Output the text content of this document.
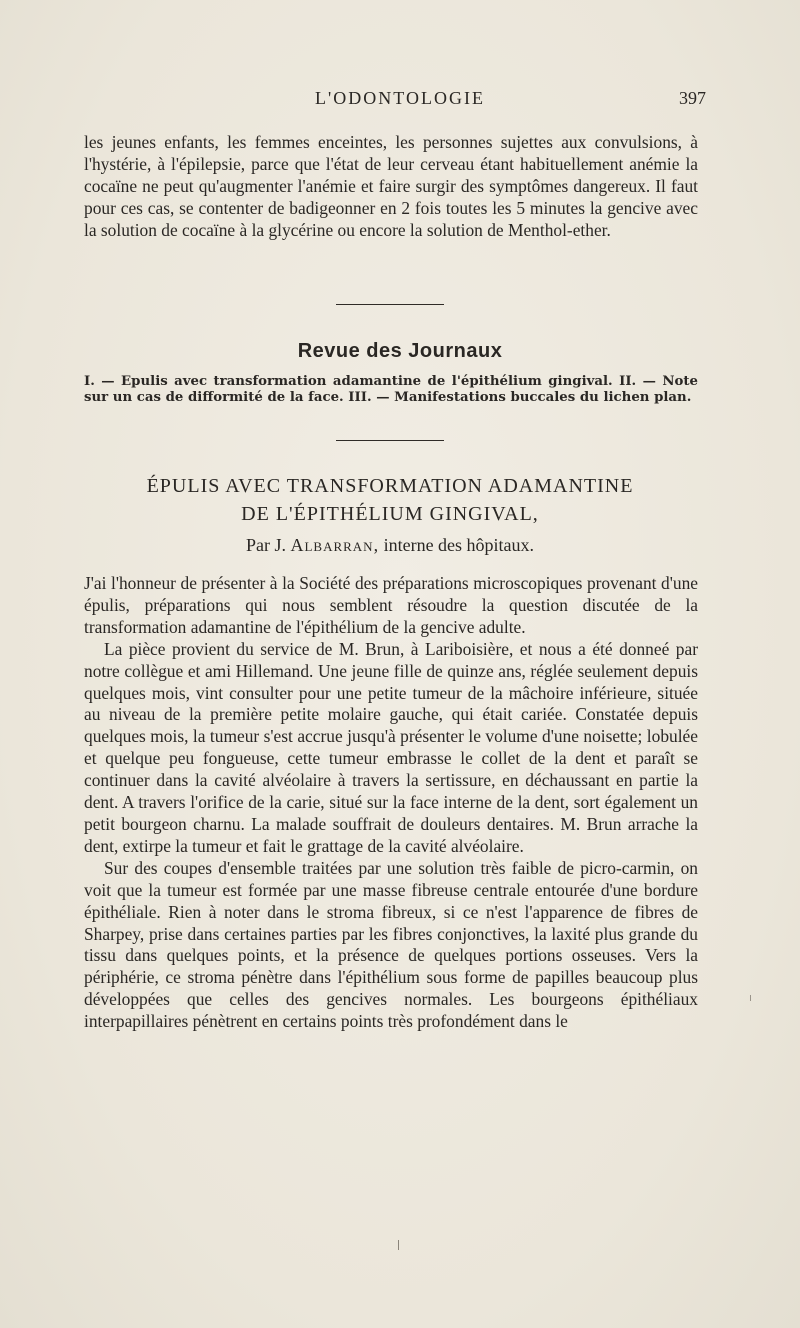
L'ODONTOLOGIE	397

les jeunes enfants, les femmes enceintes, les personnes sujettes aux convulsions, à l'hystérie, à l'épilepsie, parce que l'état de leur cerveau étant habituellement anémie la cocaïne ne peut qu'augmenter l'anémie et faire surgir des symptômes dangereux. Il faut pour ces cas, se contenter de badigeonner en 2 fois toutes les 5 minutes la gencive avec la solution de cocaïne à la glycérine ou encore la solution de Menthol-ether.

Revue des Journaux

I. — Epulis avec transformation adamantine de l'épithélium gingival. II. — Note sur un cas de difformité de la face. III. — Manifestations buccales du lichen plan.

ÉPULIS AVEC TRANSFORMATION ADAMANTINE
DE L'ÉPITHÉLIUM GINGIVAL,
Par J. Albarran, interne des hôpitaux.

J'ai l'honneur de présenter à la Société des préparations microscopiques provenant d'une épulis, préparations qui nous semblent résoudre la question discutée de la transformation adamantine de l'épithélium de la gencive adulte.

La pièce provient du service de M. Brun, à Lariboisière, et nous a été donneé par notre collègue et ami Hillemand. Une jeune fille de quinze ans, réglée seulement depuis quelques mois, vint consulter pour une petite tumeur de la mâchoire inférieure, située au niveau de la première petite molaire gauche, qui était cariée. Constatée depuis quelques mois, la tumeur s'est accrue jusqu'à présenter le volume d'une noisette; lobulée et quelque peu fongueuse, cette tumeur embrasse le collet de la dent et paraît se continuer dans la cavité alvéolaire à travers la sertissure, en déchaussant en partie la dent. A travers l'orifice de la carie, situé sur la face interne de la dent, sort également un petit bourgeon charnu. La malade souffrait de douleurs dentaires. M. Brun arrache la dent, extirpe la tumeur et fait le grattage de la cavité alvéolaire.

Sur des coupes d'ensemble traitées par une solution très faible de picro-carmin, on voit que la tumeur est formée par une masse fibreuse centrale entourée d'une bordure épithéliale. Rien à noter dans le stroma fibreux, si ce n'est l'apparence de fibres de Sharpey, prise dans certaines parties par les fibres conjonctives, la laxité plus grande du tissu dans quelques points, et la présence de quelques portions osseuses. Vers la périphérie, ce stroma pénètre dans l'épithélium sous forme de papilles beaucoup plus développées que celles des gencives normales. Les bourgeons épithéliaux interpapillaires pénètrent en certains points très profondément dans le
